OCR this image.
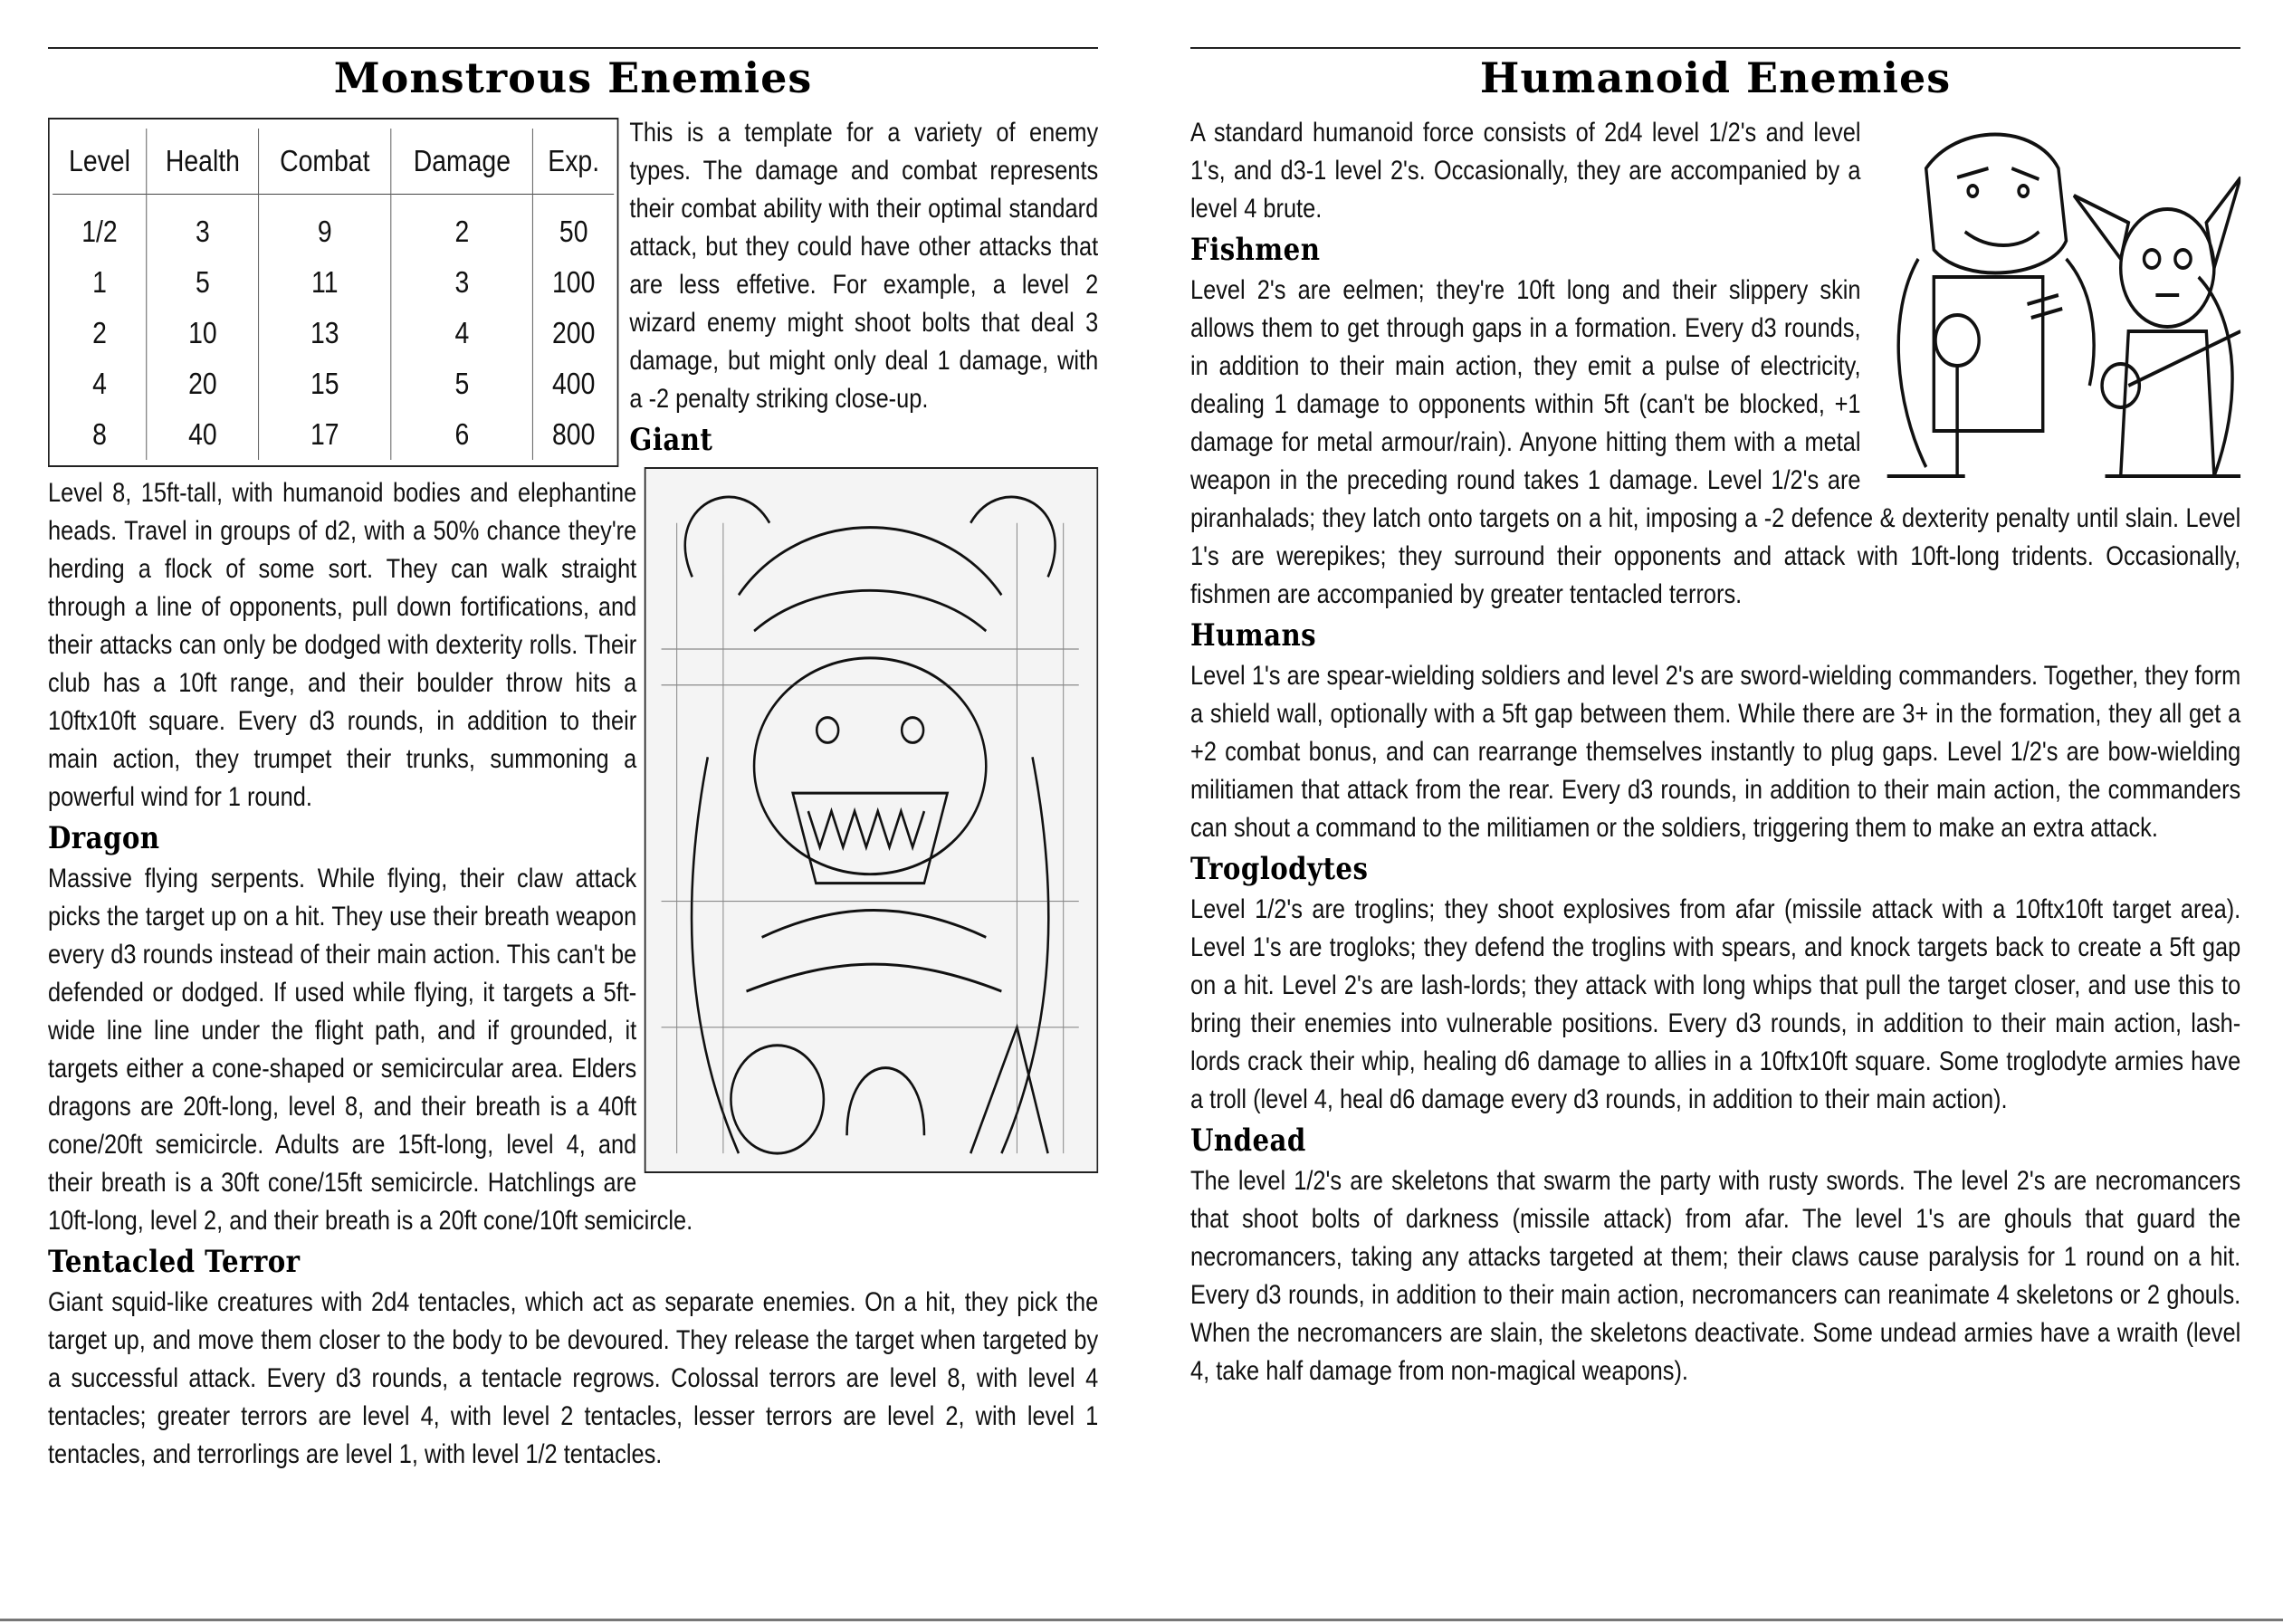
Monstrous Enemies
Level	Health	Combat	Damage	Exp.
1/2	3	9	2	50
1	5	11	3	100
2	10	13	4	200
4	20	15	5	400
8	40	17	6	800

This is a template for a variety of enemy types. The damage and combat represents their combat ability with their optimal standard attack, but they could have other attacks that are less effetive. For example, a level 2 wizard enemy might shoot bolts that deal 3 damage, but might only deal 1 damage, with a -2 penalty striking close-up.

Giant

Level 8, 15ft-tall, with humanoid bodies and elephantine heads. Travel in groups of d2, with a 50% chance they're herding a flock of some sort. They can walk straight through a line of opponents, pull down fortifications, and their attacks can only be dodged with dexterity rolls. Their club has a 10ft range, and their boulder throw hits a 10ftx10ft square. Every d3 rounds, in addition to their main action, they trumpet their trunks, summoning a powerful wind for 1 round.

Dragon

Massive flying serpents. While flying, their claw attack picks the target up on a hit. They use their breath weapon every d3 rounds instead of their main action. This can't be defended or dodged. If used while flying, it targets a 5ft-wide line line under the flight path, and if grounded, it targets either a cone-shaped or semicircular area. Elders dragons are 20ft-long, level 8, and their breath is a 40ft cone/20ft semicircle. Adults are 15ft-long, level 4, and their breath is a 30ft cone/15ft semicircle. Hatchlings are 10ft-long, level 2, and their breath is a 20ft cone/10ft semicircle.

Tentacled Terror

Giant squid-like creatures with 2d4 tentacles, which act as separate enemies. On a hit, they pick the target up, and move them closer to the body to be devoured. They release the target when targeted by a successful attack. Every d3 rounds, a tentacle regrows. Colossal terrors are level 8, with level 4 tentacles; greater terrors are level 4, with level 2 tentacles, lesser terrors are level 2, with level 1 tentacles, and terrorlings are level 1, with level 1/2 tentacles.

Humanoid Enemies

A standard humanoid force consists of 2d4 level 1/2's and level 1's, and d3-1 level 2's. Occasionally, they are accompanied by a level 4 brute.

Fishmen

Level 2's are eelmen; they're 10ft long and their slippery skin allows them to get through gaps in a formation. Every d3 rounds, in addition to their main action, they emit a pulse of electricity, dealing 1 damage to opponents within 5ft (can't be blocked, +1 damage for metal armour/rain). Anyone hitting them with a metal weapon in the preceding round takes 1 damage. Level 1/2's are piranhalads; they latch onto targets on a hit, imposing a -2 defence & dexterity penalty until slain. Level 1's are werepikes; they surround their opponents and attack with 10ft-long tridents. Occasionally, fishmen are accompanied by greater tentacled terrors.

Humans

Level 1's are spear-wielding soldiers and level 2's are sword-wielding commanders. Together, they form a shield wall, optionally with a 5ft gap between them. While there are 3+ in the formation, they all get a +2 combat bonus, and can rearrange themselves instantly to plug gaps. Level 1/2's are bow-wielding militiamen that attack from the rear. Every d3 rounds, in addition to their main action, the commanders can shout a command to the militiamen or the soldiers, triggering them to make an extra attack.

Troglodytes

Level 1/2's are troglins; they shoot explosives from afar (missile attack with a 10ftx10ft target area). Level 1's are trogloks; they defend the troglins with spears, and knock targets back to create a 5ft gap on a hit. Level 2's are lash-lords; they attack with long whips that pull the target closer, and use this to bring their enemies into vulnerable positions. Every d3 rounds, in addition to their main action, lash-lords crack their whip, healing d6 damage to allies in a 10ftx10ft square. Some troglodyte armies have a troll (level 4, heal d6 damage every d3 rounds, in addition to their main action).

Undead

The level 1/2's are skeletons that swarm the party with rusty swords. The level 2's are necromancers that shoot bolts of darkness (missile attack) from afar. The level 1's are ghouls that guard the necromancers, taking any attacks targeted at them; their claws cause paralysis for 1 round on a hit. Every d3 rounds, in addition to their main action, necromancers can reanimate 4 skeletons or 2 ghouls. When the necromancers are slain, the skeletons deactivate. Some undead armies have a wraith (level 4, take half damage from non-magical weapons).
